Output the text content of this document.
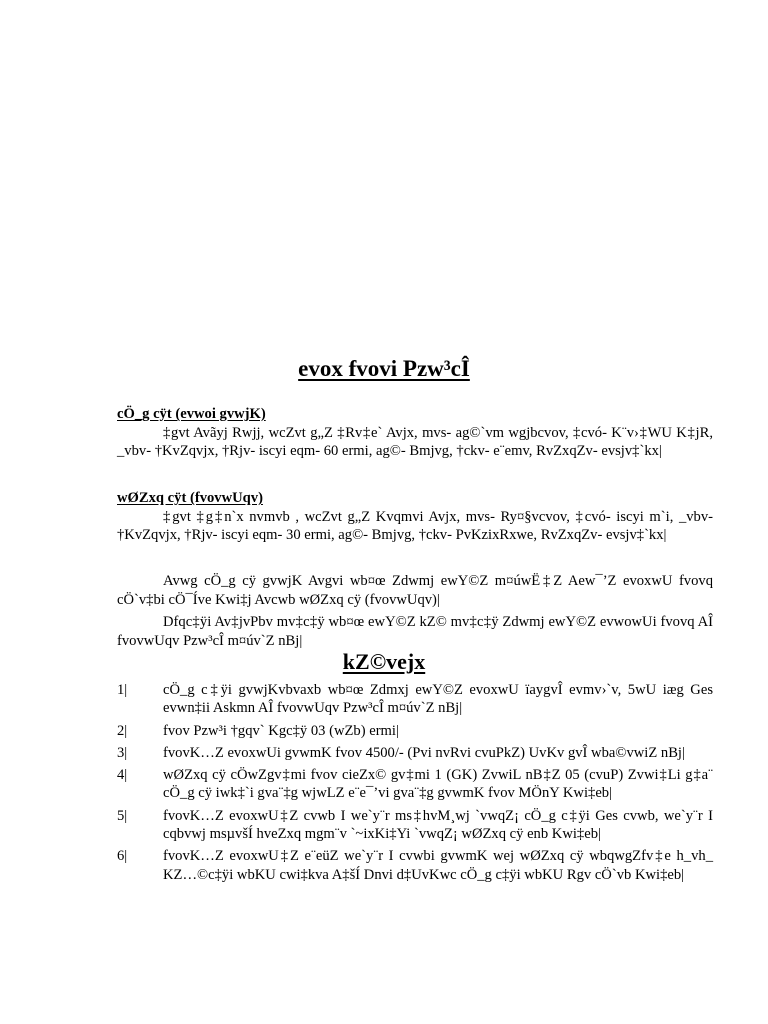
evox fvovi Pzw³cÎ
cÖ_g cÿt (evwoi gvwjK)

‡gvt Avãyj Rwjj, wcZvt g„Z ‡Rv‡e` Avjx, mvs- ag©`vm wgjbcvov, ‡cvó- K¨v›‡WU K‡jR, _vbv- †KvZqvjx, †Rjv- iscyi eqm- 60 ermi, ag©- Bmjvg, †ckv- e¨emv, RvZxqZv- evsjv‡`kx|

wØZxq cÿt (fvovwUqv)

‡gvt ‡g‡n`x nvmvb , wcZvt g„Z Kvqmvi Avjx, mvs- Ry¤§vcvov, ‡cvó- iscyi m`i, _vbv- †KvZqvjx, †Rjv- iscyi eqm- 30 ermi, ag©- Bmjvg, †ckv- PvKzixRxwe, RvZxqZv- evsjv‡`kx|

Avwg cÖ_g cÿ gvwjK Avgvi wb¤œ Zdwmj ewY©Z m¤úwË‡Z Aew¯’Z evoxwU fvovq cÖ`v‡bi cÖ¯Íve Kwi‡j Avcwb wØZxq cÿ (fvovwUqv)|

Dfqc‡ÿi Av‡jvPbv mv‡c‡ÿ wb¤œ ewY©Z kZ© mv‡c‡ÿ Zdwmj ewY©Z evwowUi fvovq AÎ fvovwUqv Pzw³cÎ m¤úv`Z nBj|

kZ©vejx
1|	cÖ_g c‡ÿi gvwjKvbvaxb wb¤œ Zdmxj ewY©Z evoxwU ïaygvÎ evmv›`v, 5wU iæg Ges evwn‡ii Askmn AÎ fvovwUqv Pzw³cÎ m¤úv`Z nBj|
2|	fvov Pzw³i †gqv` Kgc‡ÿ 03 (wZb) ermi|
3|	fvovK…Z evoxwUi gvwmK fvov 4500/- (Pvi nvRvi cvuPkZ) UvKv gvÎ wba©vwiZ nBj|
4|	wØZxq cÿ cÖwZgv‡mi fvov cieZx© gv‡mi 1 (GK) ZvwiL nB‡Z 05 (cvuP) Zvwi‡Li g‡a¨ cÖ_g cÿ iwk‡`i gva¨‡g wjwLZ e¨e¯’vi gva¨‡g gvwmK fvov MÖnY Kwi‡eb|
5|	fvovK…Z evoxwU‡Z cvwb I we`y¨r ms‡hvM¸wj `vwqZ¡ cÖ_g c‡ÿi Ges cvwb, we`y¨r I cqbvwj msµvšÍ hveZxq mgm¨v `~ixKi‡Yi `vwqZ¡ wØZxq cÿ enb Kwi‡eb|
6|	fvovK…Z evoxwU‡Z e¨eüZ we`y¨r I cvwbi gvwmK wej wØZxq cÿ wbqwgZfv‡e h_vh_ KZ…©c‡ÿi wbKU cwi‡kva A‡šÍ Dnvi d‡UvKwc cÖ_g c‡ÿi wbKU Rgv cÖ`vb Kwi‡eb|
